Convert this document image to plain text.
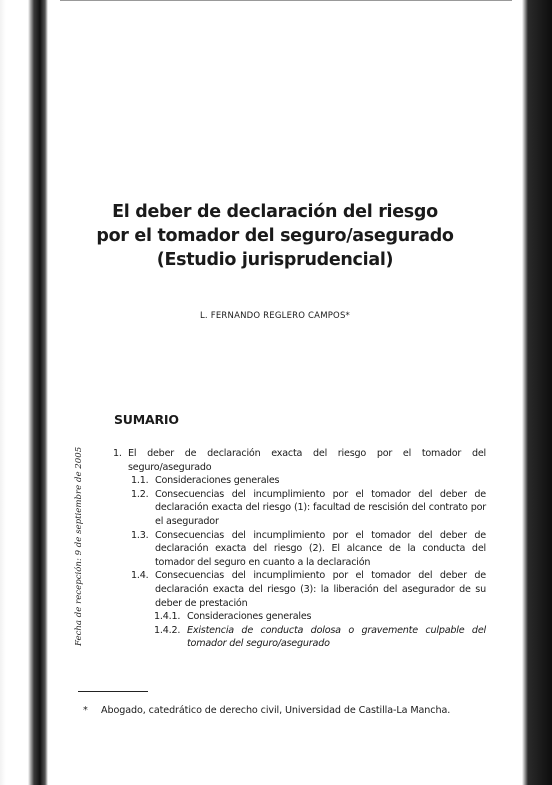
El deber de declaración del riesgo
por el tomador del seguro/asegurado
(Estudio jurisprudencial)
L. FERNANDO REGLERO CAMPOS*
SUMARIO
1. El deber de declaración exacta del riesgo por el tomador del seguro/asegurado
1.1. Consideraciones generales
1.2. Consecuencias del incumplimiento por el tomador del deber de declaración exacta del riesgo (1): facultad de rescisión del contrato por el asegurador
1.3. Consecuencias del incumplimiento por el tomador del deber de declaración exacta del riesgo (2). El alcance de la conducta del tomador del seguro en cuanto a la declaración
1.4. Consecuencias del incumplimiento por el tomador del deber de declaración exacta del riesgo (3): la liberación del asegurador de su deber de prestación
1.4.1. Consideraciones generales
1.4.2. Existencia de conducta dolosa o gravemente culpable del tomador del seguro/asegurado
Fecha de recepción: 9 de septiembre de 2005
* Abogado, catedrático de derecho civil, Universidad de Castilla-La Mancha.
